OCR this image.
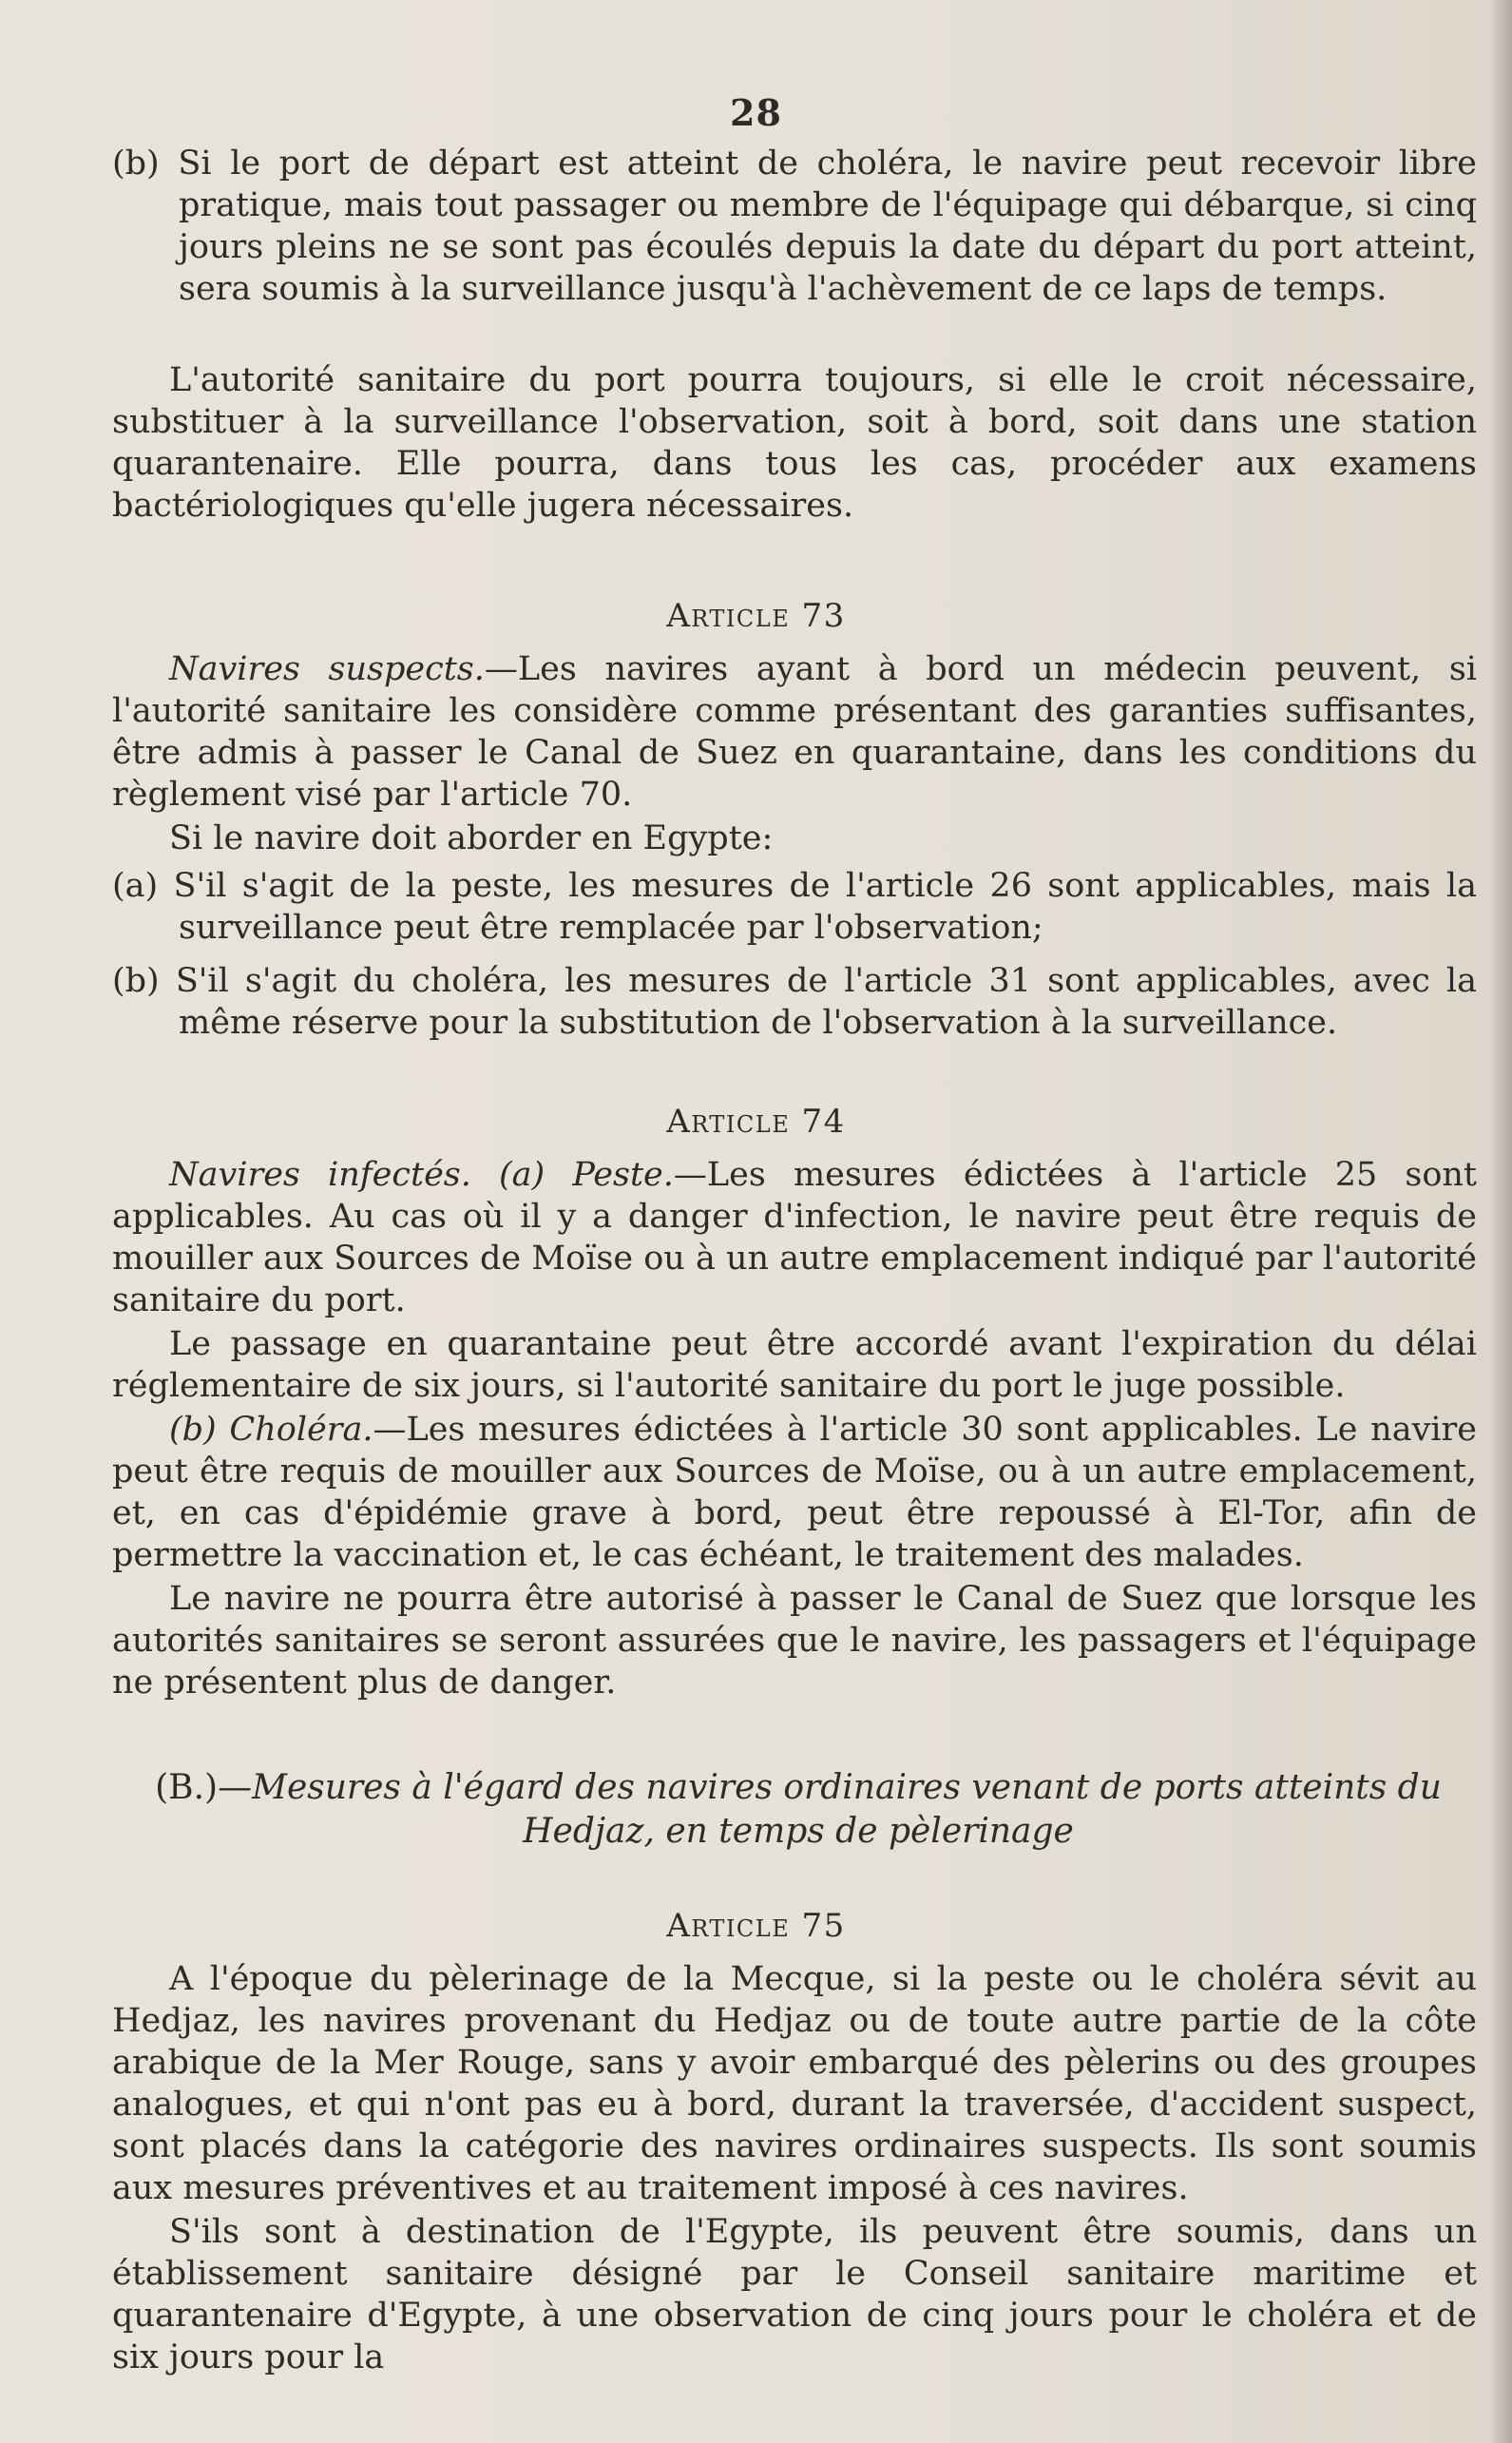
28
(b) Si le port de départ est atteint de choléra, le navire peut recevoir libre pratique, mais tout passager ou membre de l'équipage qui débarque, si cinq jours pleins ne se sont pas écoulés depuis la date du départ du port atteint, sera soumis à la surveillance jusqu'à l'achèvement de ce laps de temps.
L'autorité sanitaire du port pourra toujours, si elle le croit nécessaire, substituer à la surveillance l'observation, soit à bord, soit dans une station quarantenaire. Elle pourra, dans tous les cas, procéder aux examens bactériologiques qu'elle jugera nécessaires.
Article 73
Navires suspects.—Les navires ayant à bord un médecin peuvent, si l'autorité sanitaire les considère comme présentant des garanties suffisantes, être admis à passer le Canal de Suez en quarantaine, dans les conditions du règlement visé par l'article 70.
Si le navire doit aborder en Egypte:
(a) S'il s'agit de la peste, les mesures de l'article 26 sont applicables, mais la surveillance peut être remplacée par l'observation;
(b) S'il s'agit du choléra, les mesures de l'article 31 sont applicables, avec la même réserve pour la substitution de l'observation à la surveillance.
Article 74
Navires infectés. (a) Peste.—Les mesures édictées à l'article 25 sont applicables. Au cas où il y a danger d'infection, le navire peut être requis de mouiller aux Sources de Moïse ou à un autre emplacement indiqué par l'autorité sanitaire du port.
Le passage en quarantaine peut être accordé avant l'expiration du délai réglementaire de six jours, si l'autorité sanitaire du port le juge possible.
(b) Choléra.—Les mesures édictées à l'article 30 sont applicables. Le navire peut être requis de mouiller aux Sources de Moïse, ou à un autre emplacement, et, en cas d'épidémie grave à bord, peut être repoussé à El-Tor, afin de permettre la vaccination et, le cas échéant, le traitement des malades.
Le navire ne pourra être autorisé à passer le Canal de Suez que lorsque les autorités sanitaires se seront assurées que le navire, les passagers et l'équipage ne présentent plus de danger.
(B.)—Mesures à l'égard des navires ordinaires venant de ports atteints du Hedjaz, en temps de pèlerinage
Article 75
A l'époque du pèlerinage de la Mecque, si la peste ou le choléra sévit au Hedjaz, les navires provenant du Hedjaz ou de toute autre partie de la côte arabique de la Mer Rouge, sans y avoir embarqué des pèlerins ou des groupes analogues, et qui n'ont pas eu à bord, durant la traversée, d'accident suspect, sont placés dans la catégorie des navires ordinaires suspects. Ils sont soumis aux mesures préventives et au traitement imposé à ces navires.
S'ils sont à destination de l'Egypte, ils peuvent être soumis, dans un établissement sanitaire désigné par le Conseil sanitaire maritime et quarantenaire d'Egypte, à une observation de cinq jours pour le choléra et de six jours pour la
